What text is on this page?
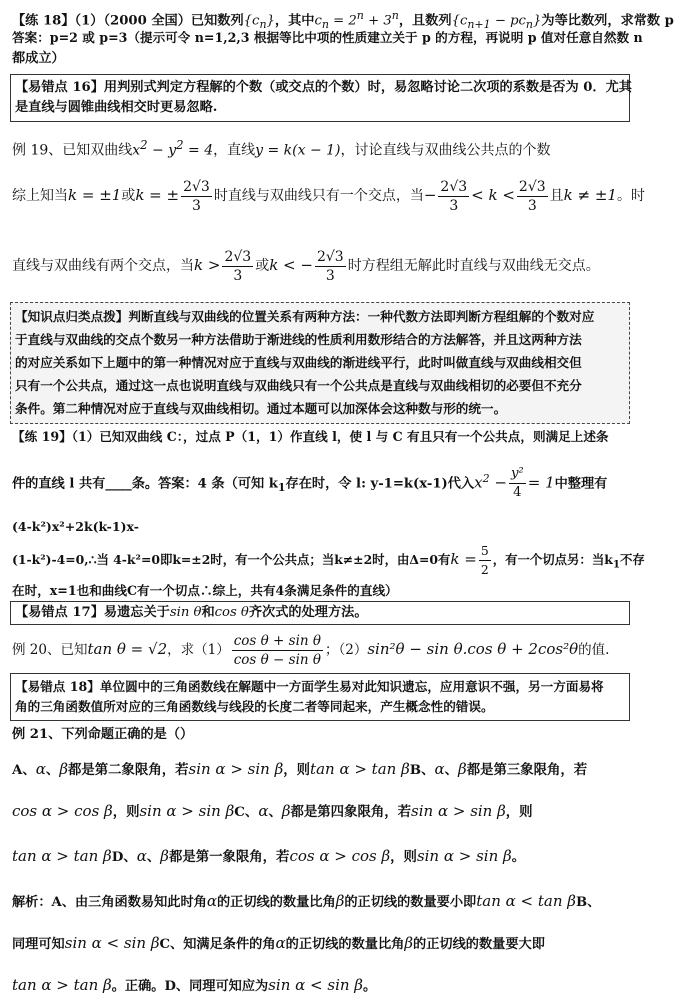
【练 18】（1）（2000 全国）已知数列$\{c_n\}$，其中$c_n = 2^n + 3^n$，且数列$\{c_{n+1} - pc_n\}$为等比数列，求常数 p
答案：p=2 或 p=3（提示可令 n=1,2,3 根据等比中项的性质建立关于 p 的方程，再说明 p 值对任意自然数 n
都成立）
【易错点 16】用判别式判定方程解的个数（或交点的个数）时，易忽略讨论二次项的系数是否为 0．尤其
是直线与圆锥曲线相交时更易忽略.
例 19、已知双曲线$x^2 - y^2 = 4$，直线y = k(x − 1)，讨论直线与双曲线公共点的个数
综上知当k = ±1或k = ± $\frac{2√3}{3}$ 时直线与双曲线只有一个交点，当− $\frac{2√3}{3} < k < \frac{2√3}{3}$ 且k ≠ ±1。时
直线与双曲线有两个交点，当$k > \frac{2√3}{3}$ 或k < − $\frac{2√3}{3}$ 时方程组无解此时直线与双曲线无交点。
【知识点归类点拨】判断直线与双曲线的位置关系有两种方法：一种代数方法即判断方程组解的个数对应
于直线与双曲线的交点个数另一种方法借助于渐进线的性质利用数形结合的方法解答，并且这两种方法
的对应关系如下上题中的第一种情况对应于直线与双曲线的渐进线平行，此时叫做直线与双曲线相交但
只有一个公共点，通过这一点也说明直线与双曲线只有一个公共点是直线与双曲线相切的必要但不充分
条件。第二种情况对应于直线与双曲线相切。通过本题可以加深体会这种数与形的统一。
【练 19】（1）已知双曲线 C：，过点 P（1，1）作直线 l，使 l 与 C 有且只有一个公共点，则满足上述条
件的直线 l 共有____条。答案：4 条（可知 $k_1$存在时，令 l: y-1=k(x-1)代入$x^2 - \frac{\text{y²}}{4} = 1$中整理有
(4-k²)x²+2k(k-1)x-
(1-k²)-4=0,∴当 4-k²=0即k=±2时，有一个公共点；当k≠±2时，由Δ=0有$k = \frac{5}{2}$ ，有一个切点另：当$k_1$不存
在时，x=1也和曲线C有一个切点∴综上，共有4条满足条件的直线）
【易错点 17】易遗忘关于sin θ和cos θ齐次式的处理方法。
例 20、已知tan θ = √2，求$(1) \frac{\text{cos θ + sin θ}}{\text{cos θ − sin θ}}$ ；（2）sin²θ − sin θ.cos θ + 2cos²θ的值.
【易错点 18】单位圆中的三角函数线在解题中一方面学生易对此知识遗忘，应用意识不强，另一方面易将
角的三角函数值所对应的三角函数线与线段的长度二者等同起来，产生概念性的错误。
例 21、下列命题正确的是（）
A、α、β都是第二象限角，若sin α > sin β，则tan α > tan βB、α、β都是第三象限角，若
cos α > cos β，则sin α > sin βC、α、β都是第四象限角，若sin α > sin β，则
tan α > tan βD、α、β都是第一象限角，若cos α > cos β，则sin α > sin β。
解析：A、由三角函数易知此时角α的正切线的数量比角β的正切线的数量要小即tan α < tan βB、
同理可知sin α < sin βC、知满足条件的角α的正切线的数量比角β的正切线的数量要大即
tan α > tan β。正确。D、同理可知应为sin α < sin β。
